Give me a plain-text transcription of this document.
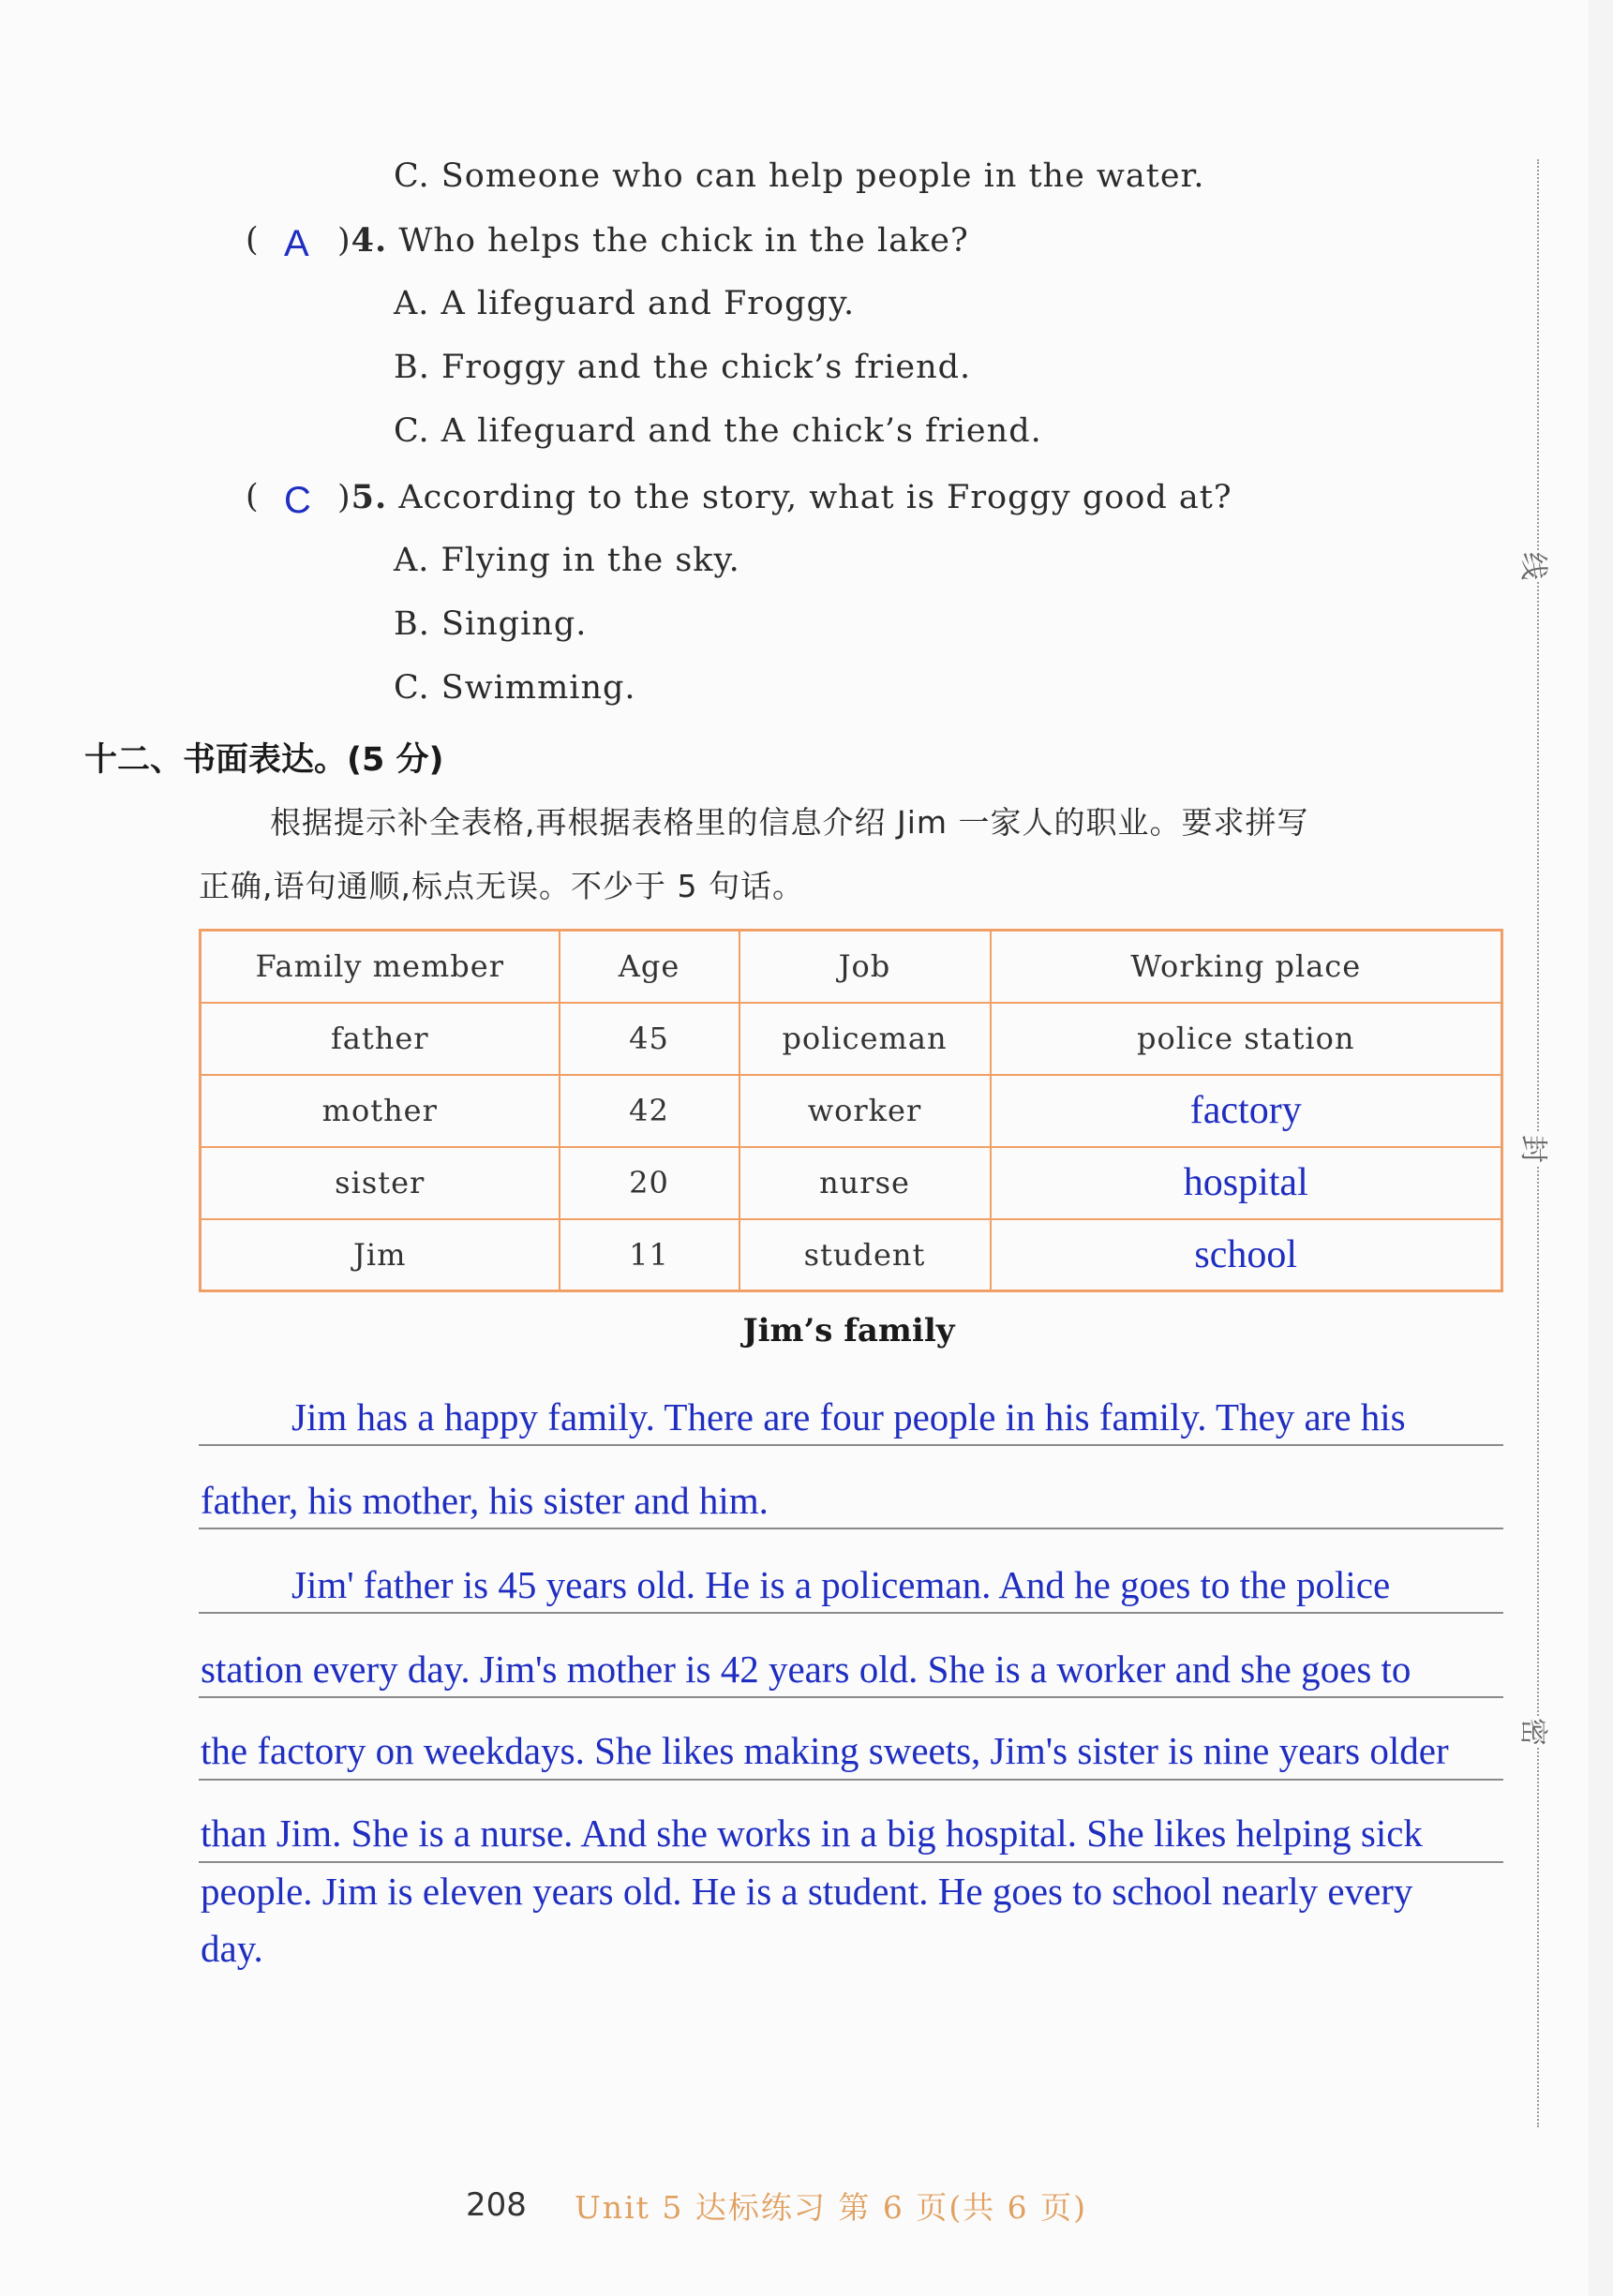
C. Someone who can help people in the water.
( A )4. Who helps the chick in the lake?
A. A lifeguard and Froggy.
B. Froggy and the chick’s friend.
C. A lifeguard and the chick’s friend.
( C )5. According to the story, what is Froggy good at?
A. Flying in the sky.
B. Singing.
C. Swimming.
十二、书面表达。(5 分)
根据提示补全表格,再根据表格里的信息介绍 Jim 一家人的职业。要求拼写
正确,语句通顺,标点无误。不少于 5 句话。
Family member	Age	Job	Working place
father	45	policeman	police station
mother	42	worker	factory
sister	20	nurse	hospital
Jim	11	student	school
Jim’s family
Jim has a happy family. There are four people in his family. They are his
father, his mother, his sister and him.
Jim' father is 45 years old. He is a policeman. And he goes to the police
station every day. Jim's mother is 42 years old. She is a worker and she goes to
the factory on weekdays. She likes making sweets, Jim's sister is nine years older
than Jim. She is a nurse. And she works in a big hospital. She likes helping sick
people. Jim is eleven years old. He is a student. He goes to school nearly every
day.
线
封
密
208 Unit 5 达标练习 第 6 页(共 6 页)
